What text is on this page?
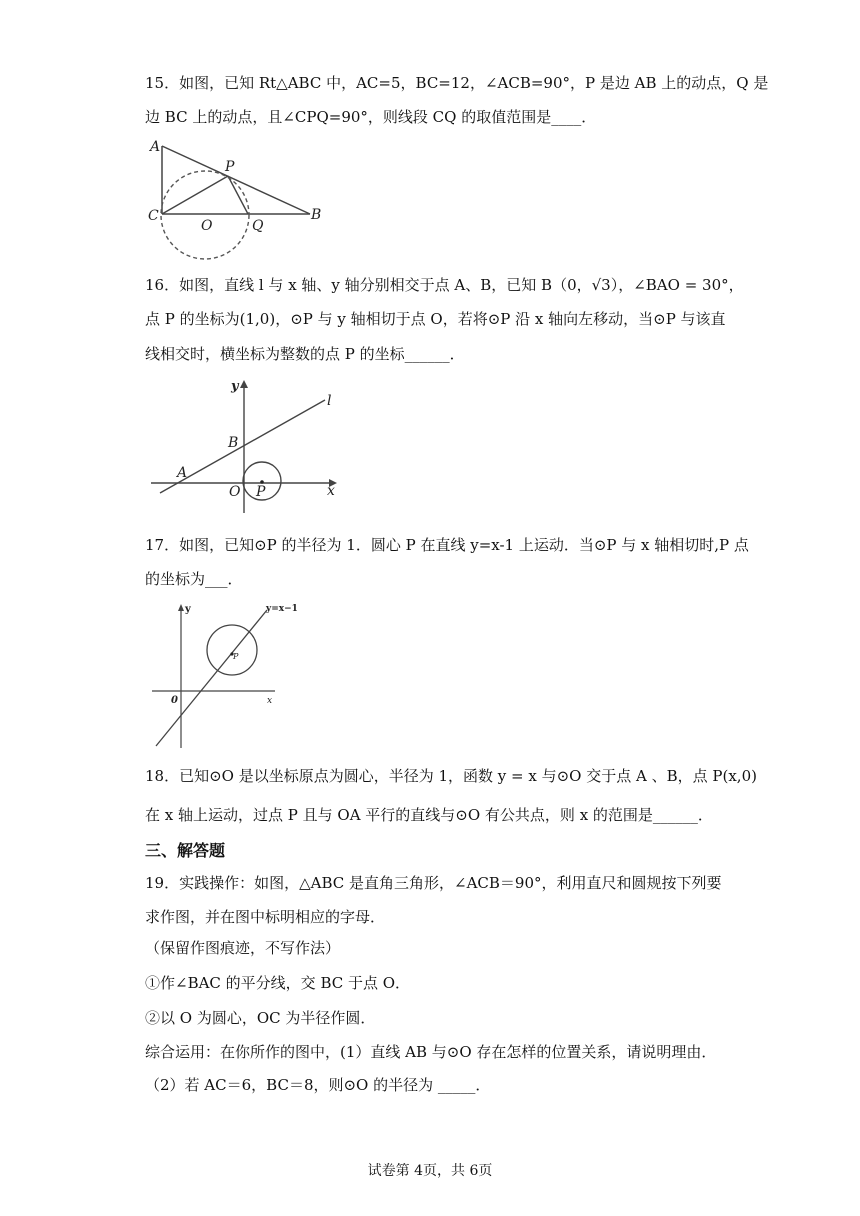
15．如图，已知 Rt△ABC 中，AC=5，BC=12，∠ACB=90°，P 是边 AB 上的动点，Q 是
边 BC 上的动点，且∠CPQ=90°，则线段 CQ 的取值范围是____．
A
P
C
O	Q
B
16．如图，直线 l 与 x 轴、y 轴分别相交于点 A、B，已知 B（0，√3），∠BAO = 30°，
点 P 的坐标为(1,0)，⊙P 与 y 轴相切于点 O，若将⊙P 沿 x 轴向左移动，当⊙P 与该直
线相交时，横坐标为整数的点 P 的坐标______．
y
l
B
A
O P	x
17．如图，已知⊙P 的半径为 1．圆心 P 在直线 y=x-1 上运动．当⊙P 与 x 轴相切时,P 点
的坐标为___．
y	y=x−1
P
0	x
18．已知⊙O 是以坐标原点为圆心，半径为 1，函数 y = x 与⊙O 交于点 A 、B，点 P(x,0)
在 x 轴上运动，过点 P 且与 OA 平行的直线与⊙O 有公共点，则 x 的范围是______．
三、解答题
19．实践操作：如图，△ABC 是直角三角形，∠ACB＝90°，利用直尺和圆规按下列要
求作图，并在图中标明相应的字母．
（保留作图痕迹，不写作法）
①作∠BAC 的平分线，交 BC 于点 O．
②以 O 为圆心，OC 为半径作圆．
综合运用：在你所作的图中，(1）直线 AB 与⊙O 存在怎样的位置关系，请说明理由．
（2）若 AC＝6，BC＝8，则⊙O 的半径为 _____．
试卷第 4页，共 6页
